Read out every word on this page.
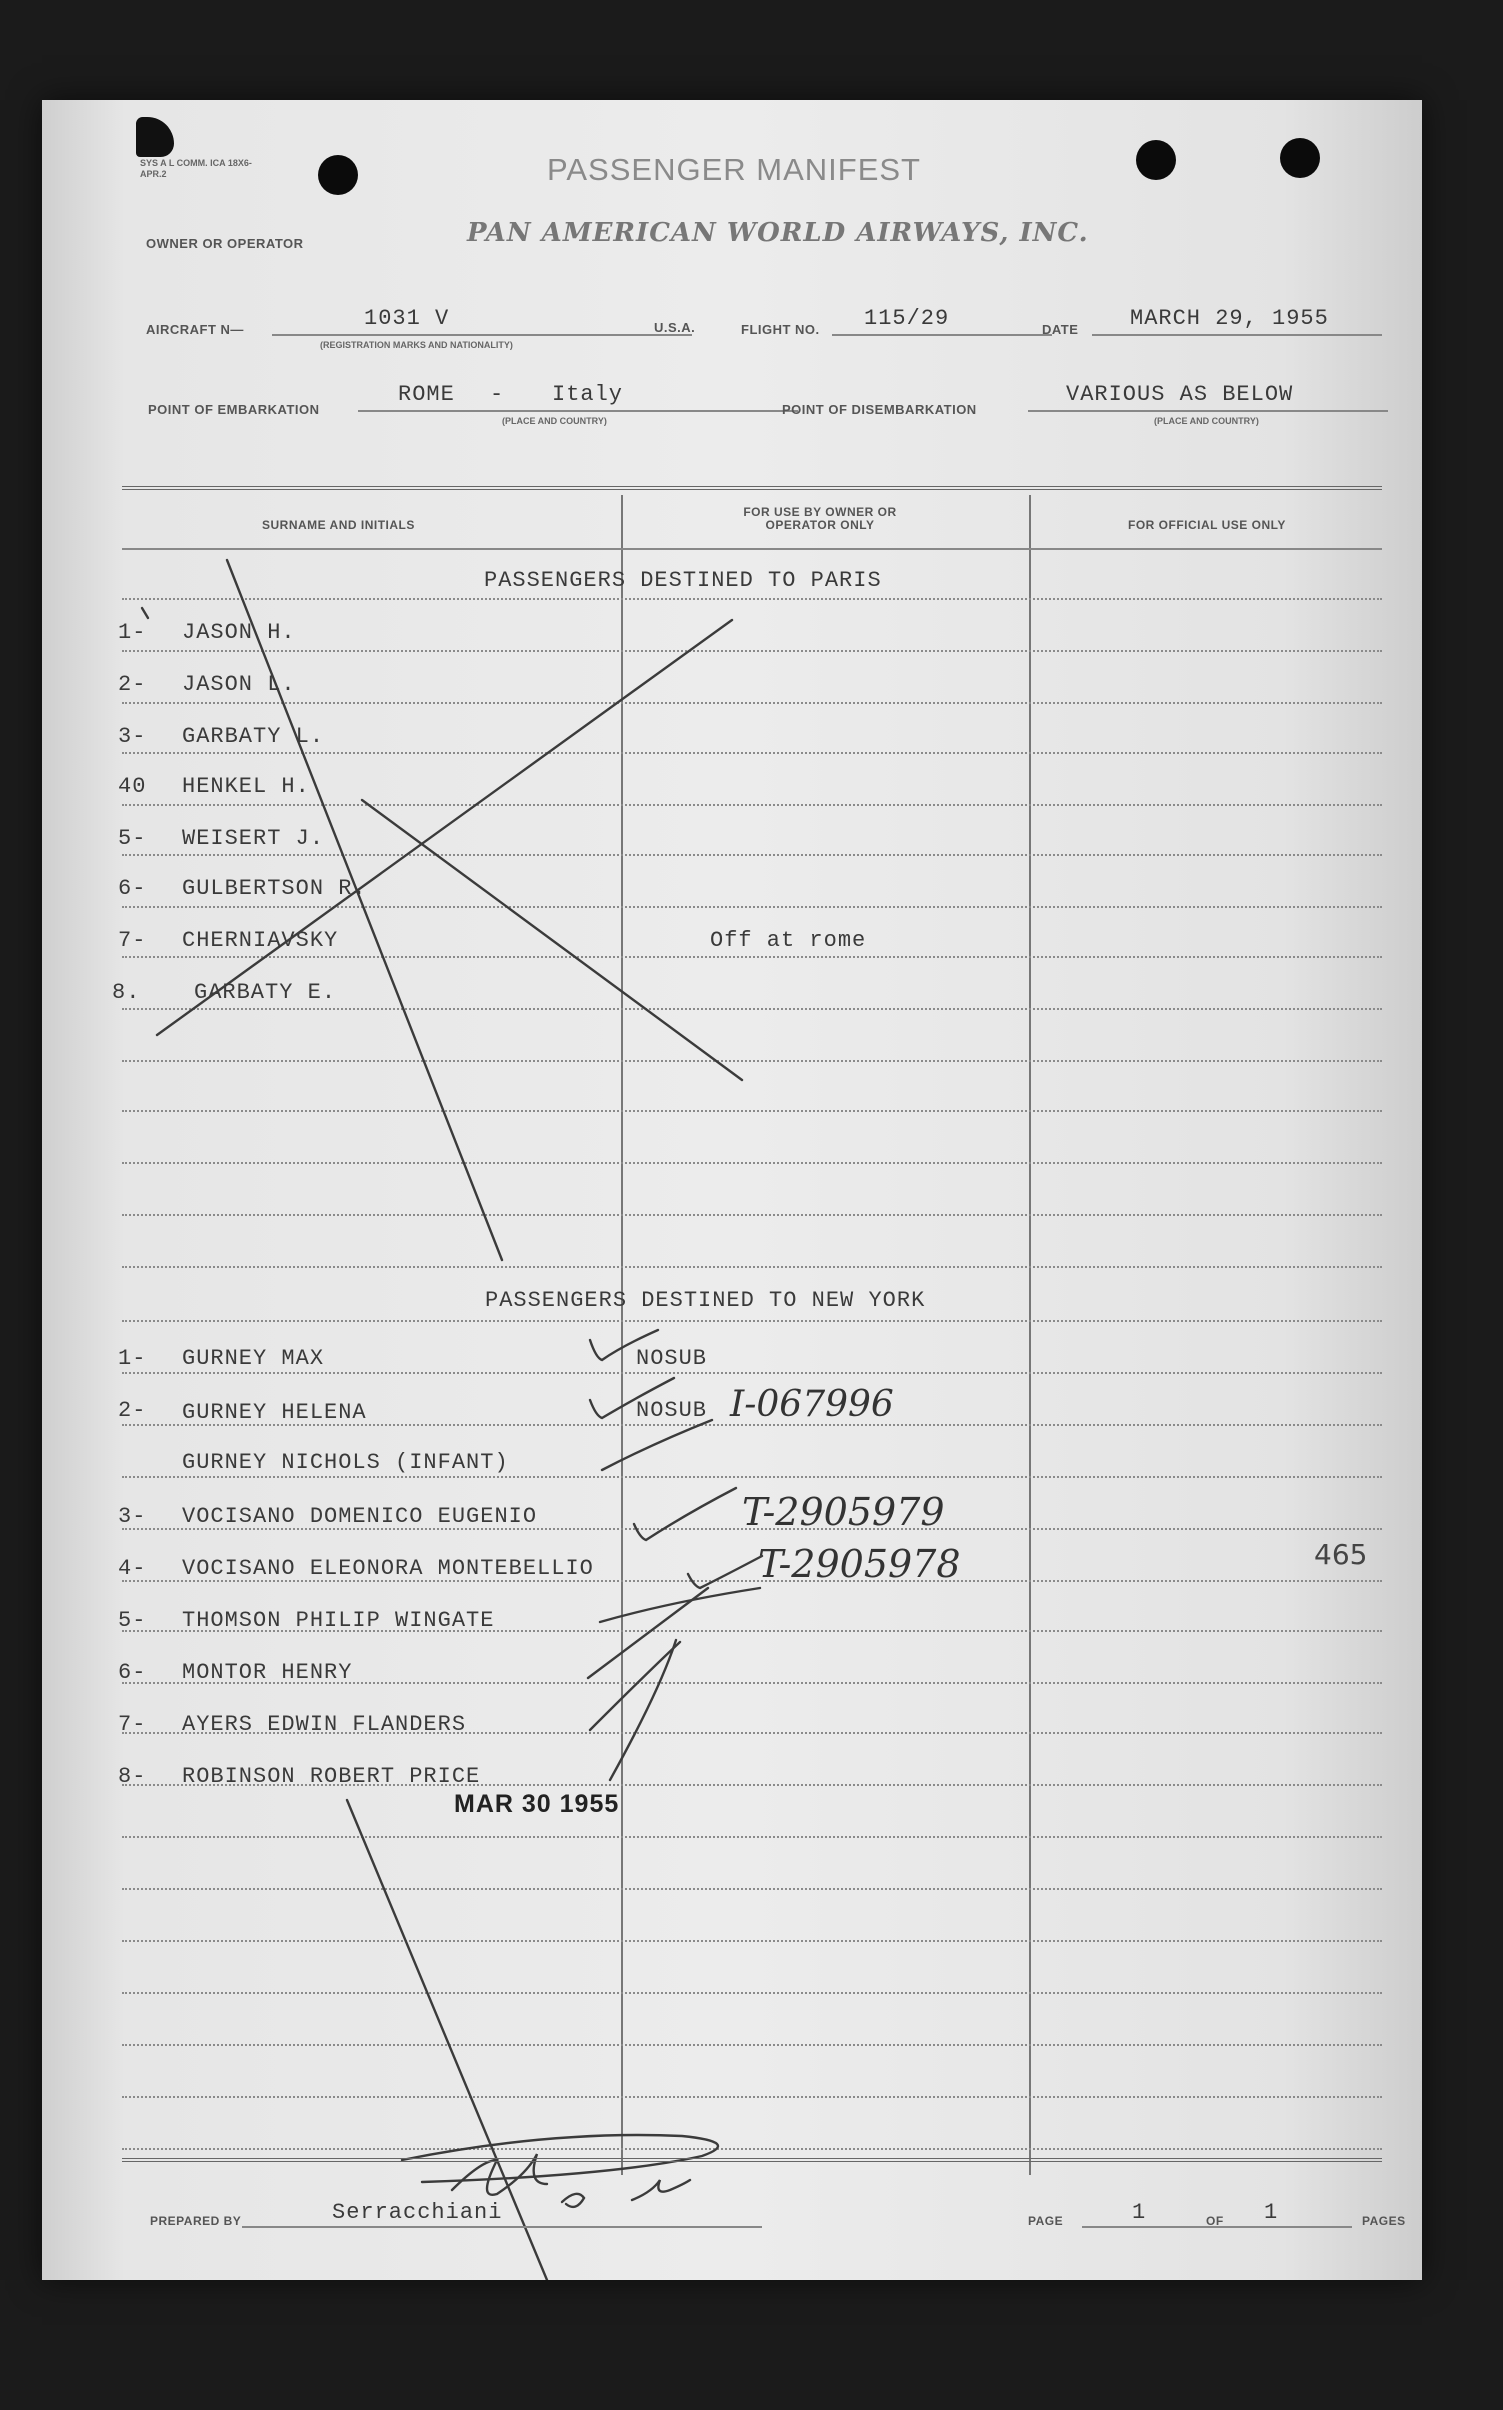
SYS A L COMM. ICA 18X6-APR.2	PASSENGER MANIFEST
OWNER OR OPERATOR	PAN AMERICAN WORLD AIRWAYS, INC.
AIRCRAFT N—	1031 V
(REGISTRATION MARKS AND NATIONALITY)
U.S.A.	FLIGHT NO. 115/29	DATE MARCH 29, 1955
POINT OF EMBARKATION
ROME - Italy
(PLACE AND COUNTRY)
POINT OF DISEMBARKATION
VARIOUS AS BELOW
(PLACE AND COUNTRY)
SURNAME AND INITIALS
FOR USE BY OWNER OR OPERATOR ONLY	FOR OFFICIAL USE ONLY
PASSENGERS DESTINED TO PARIS
1- JASON H.
2- JASON L.
3- GARBATY L.
40 HENKEL H.
5- WEISERT J.
6- GULBERTSON R.
7- CHERNIAVSKY	Off at rome
8. GARBATY E.
PASSENGERS DESTINED TO NEW YORK
1- GURNEY MAX	NOSUB
2- GURNEY HELENA	NOSUB I-067996
GURNEY NICHOLS (INFANT)
3- VOCISANO DOMENICO EUGENIO	T-2905979
4- VOCISANO ELEONORA MONTEBELLIO	T-2905978	465
5- THOMSON PHILIP WINGATE
6- MONTOR HENRY
7- AYERS EDWIN FLANDERS
8- ROBINSON ROBERT PRICE
MAR 30 1955
PREPARED BY	Serracchiani	PAGE	1	OF 1	PAGES
